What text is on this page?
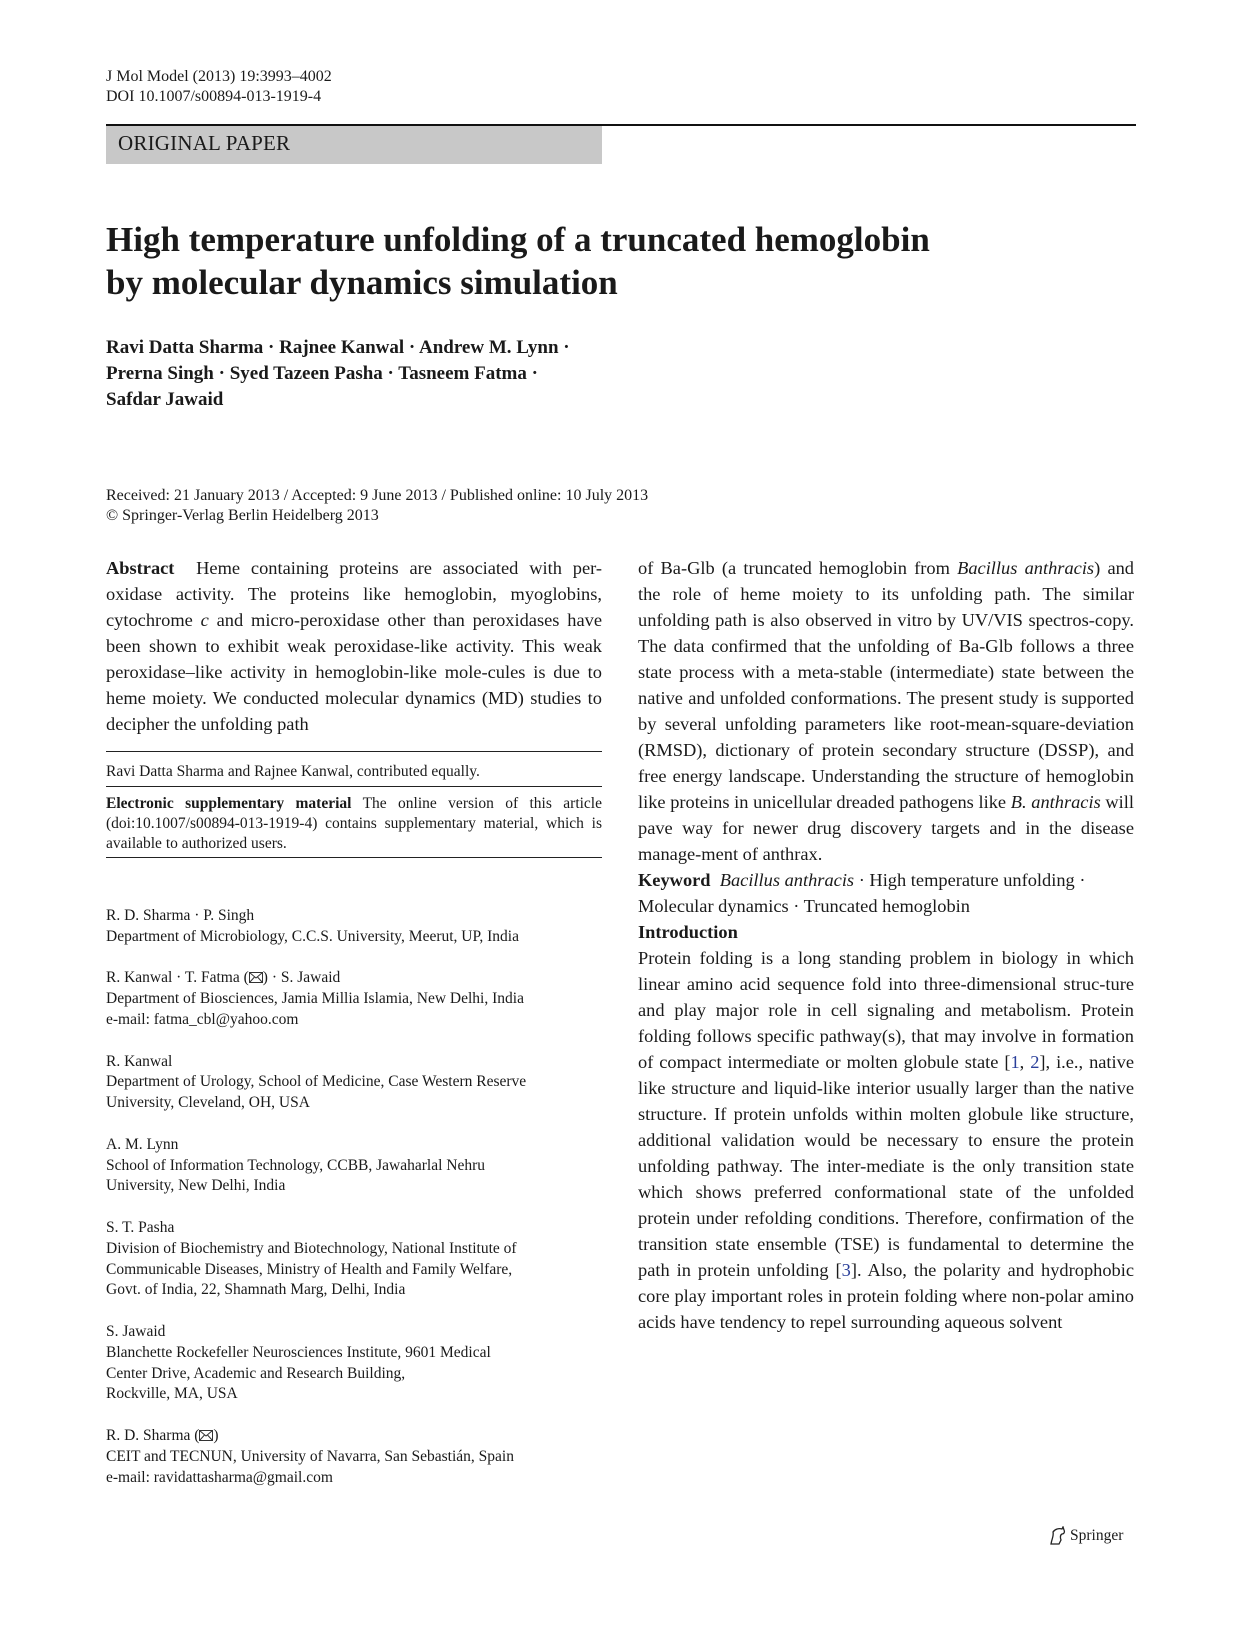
J Mol Model (2013) 19:3993–4002
DOI 10.1007/s00894-013-1919-4
ORIGINAL PAPER
High temperature unfolding of a truncated hemoglobin
by molecular dynamics simulation
Ravi Datta Sharma · Rajnee Kanwal · Andrew M. Lynn ·
Prerna Singh · Syed Tazeen Pasha · Tasneem Fatma ·
Safdar Jawaid
Received: 21 January 2013 / Accepted: 9 June 2013 / Published online: 10 July 2013
© Springer-Verlag Berlin Heidelberg 2013

Abstract Heme containing proteins are associated with per-oxidase activity. The proteins like hemoglobin, myoglobins, cytochrome c and micro-peroxidase other than peroxidases have been shown to exhibit weak peroxidase-like activity. This weak peroxidase–like activity in hemoglobin-like mole-cules is due to heme moiety. We conducted molecular dynamics (MD) studies to decipher the unfolding path

Ravi Datta Sharma and Rajnee Kanwal, contributed equally.
Electronic supplementary material The online version of this article (doi:10.1007/s00894-013-1919-4) contains supplementary material, which is available to authorized users.
R. D. Sharma · P. Singh
Department of Microbiology, C.C.S. University, Meerut, UP, India
R. Kanwal · T. Fatma ( ) · S. Jawaid
Department of Biosciences, Jamia Millia Islamia, New Delhi, India
e-mail: fatma_cbl@yahoo.com
R. Kanwal
Department of Urology, School of Medicine, Case Western Reserve
University, Cleveland, OH, USA
A. M. Lynn
School of Information Technology, CCBB, Jawaharlal Nehru
University, New Delhi, India
S. T. Pasha
Division of Biochemistry and Biotechnology, National Institute of
Communicable Diseases, Ministry of Health and Family Welfare,
Govt. of India, 22, Shamnath Marg, Delhi, India
S. Jawaid
Blanchette Rockefeller Neurosciences Institute, 9601 Medical
Center Drive, Academic and Research Building,
Rockville, MA, USA
R. D. Sharma ( )
CEIT and TECNUN, University of Navarra, San Sebastián, Spain
e-mail: ravidattasharma@gmail.com

of Ba-Glb (a truncated hemoglobin from Bacillus anthracis) and the role of heme moiety to its unfolding path. The similar unfolding path is also observed in vitro by UV/VIS spectros-copy. The data confirmed that the unfolding of Ba-Glb follows a three state process with a meta-stable (intermediate) state between the native and unfolded conformations. The present study is supported by several unfolding parameters like root-mean-square-deviation (RMSD), dictionary of protein secondary structure (DSSP), and free energy landscape. Understanding the structure of hemoglobin like proteins in unicellular dreaded pathogens like B. anthracis will pave way for newer drug discovery targets and in the disease manage-ment of anthrax.

Keyword Bacillus anthracis · High temperature unfolding ·
Molecular dynamics · Truncated hemoglobin

Introduction

Protein folding is a long standing problem in biology in which linear amino acid sequence fold into three-dimensional struc-ture and play major role in cell signaling and metabolism. Protein folding follows specific pathway(s), that may involve in formation of compact intermediate or molten globule state [1, 2], i.e., native like structure and liquid-like interior usually larger than the native structure. If protein unfolds within molten globule like structure, additional validation would be necessary to ensure the protein unfolding pathway. The inter-mediate is the only transition state which shows preferred conformational state of the unfolded protein under refolding conditions. Therefore, confirmation of the transition state ensemble (TSE) is fundamental to determine the path in protein unfolding [3]. Also, the polarity and hydrophobic core play important roles in protein folding where non-polar amino acids have tendency to repel surrounding aqueous solvent

Springer
